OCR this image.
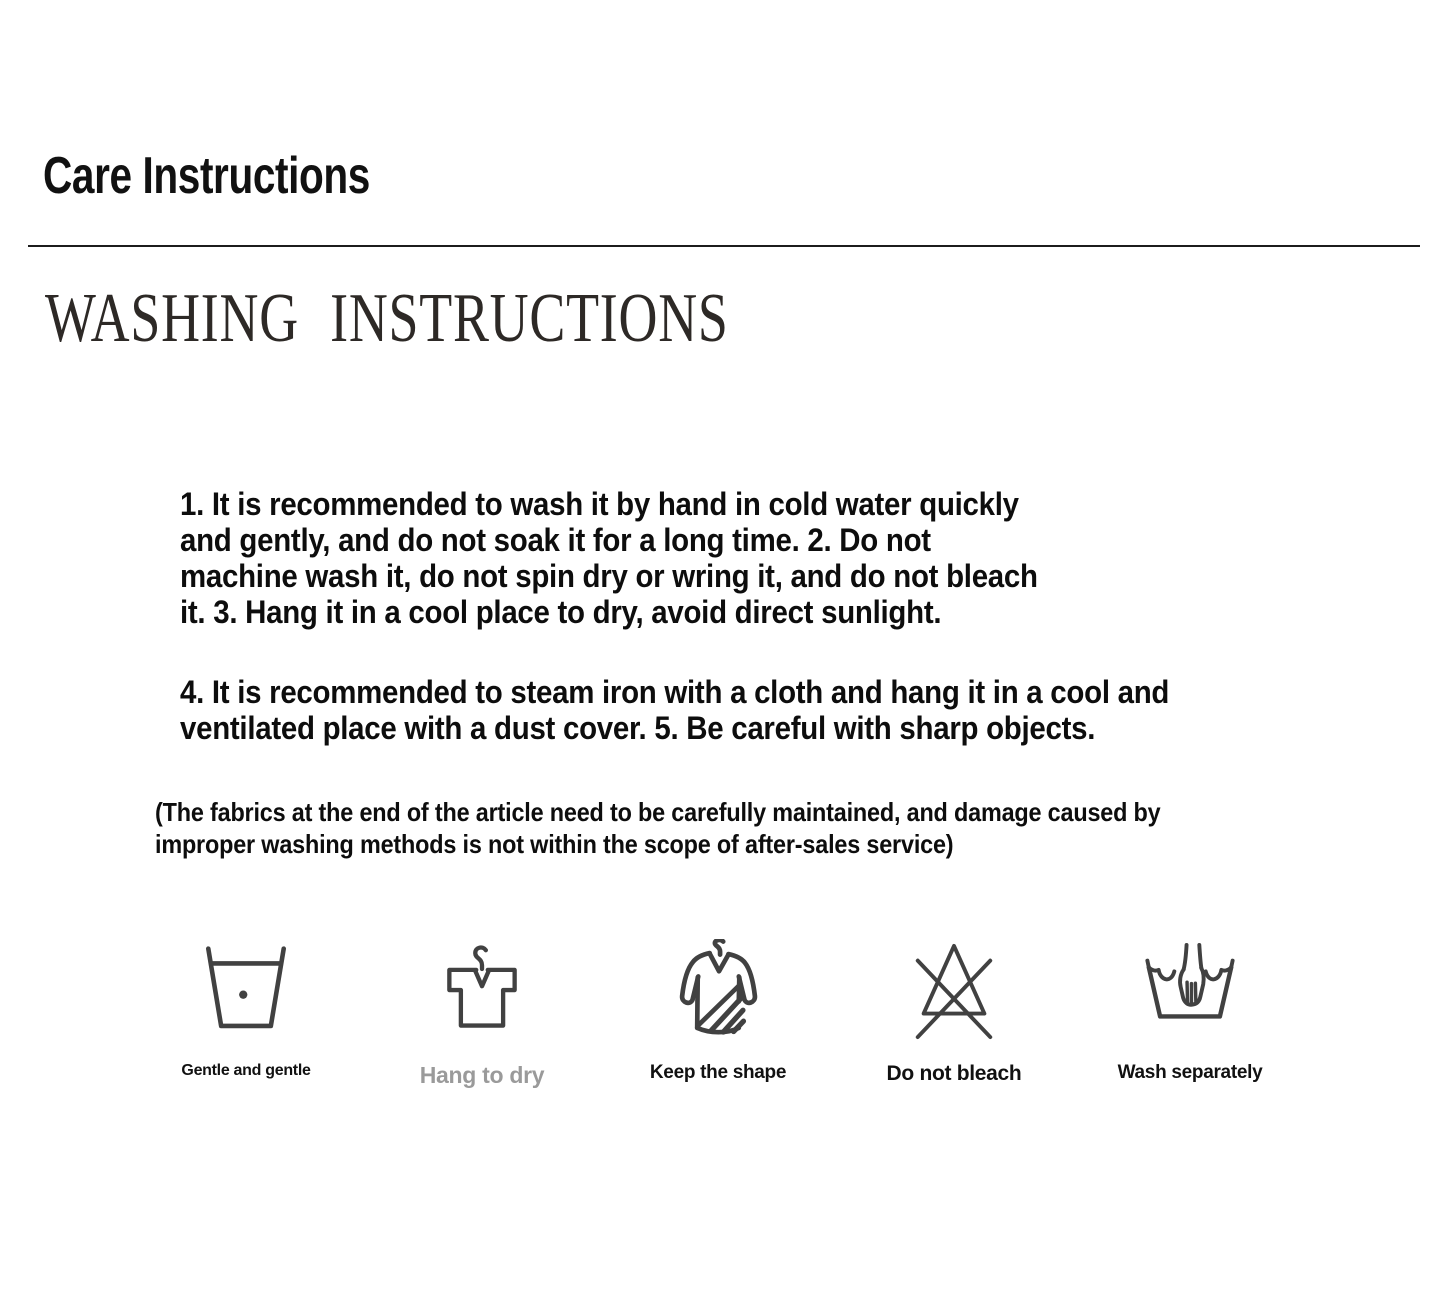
Care Instructions
WASHING INSTRUCTIONS
1. It is recommended to wash it by hand in cold water quickly
and gently, and do not soak it for a long time. 2. Do not
machine wash it, do not spin dry or wring it, and do not bleach
it. 3. Hang it in a cool place to dry, avoid direct sunlight.
4. It is recommended to steam iron with a cloth and hang it in a cool and
ventilated place with a dust cover. 5. Be careful with sharp objects.
(The fabrics at the end of the article need to be carefully maintained, and damage caused by
improper washing methods is not within the scope of after-sales service)
Gentle and gentle	Hang to dry	Keep the shape	Do not bleach	Wash separately
